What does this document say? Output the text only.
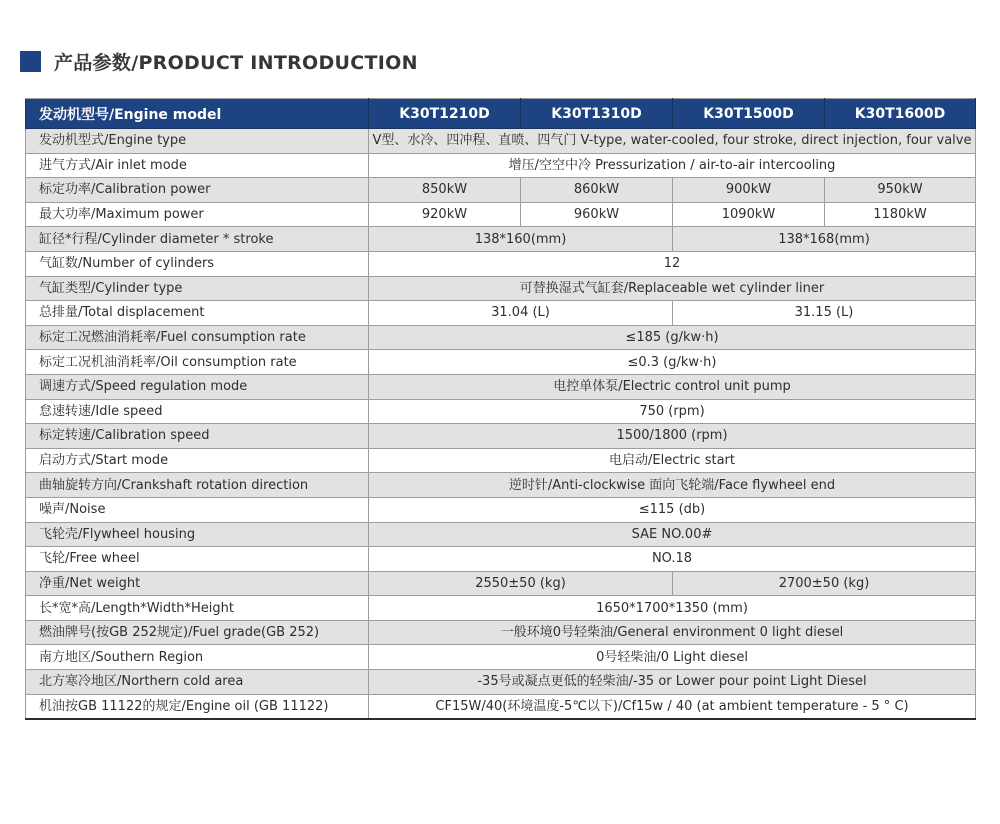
产品参数/PRODUCT INTRODUCTION
发动机型号/Engine model	K30T1210D	K30T1310D	K30T1500D	K30T1600D
发动机型式/Engine type	V型、水冷、四冲程、直喷、四气门 V-type, water-cooled, four stroke, direct injection, four valve			
进气方式/Air inlet mode	增压/空空中冷 Pressurization / air-to-air intercooling			
标定功率/Calibration power	850kW	860kW	900kW	950kW
最大功率/Maximum power	920kW	960kW	1090kW	1180kW
缸径*行程/Cylinder diameter * stroke	138*160(mm)		138*168(mm)	
气缸数/Number of cylinders	12			
气缸类型/Cylinder type	可替换湿式气缸套/Replaceable wet cylinder liner			
总排量/Total displacement	31.04 (L)		31.15 (L)	
标定工况燃油消耗率/Fuel consumption rate	≤185 (g/kw·h)			
标定工况机油消耗率/Oil consumption rate	≤0.3 (g/kw·h)			
调速方式/Speed regulation mode	电控单体泵/Electric control unit pump			
怠速转速/Idle speed	750 (rpm)			
标定转速/Calibration speed	1500/1800 (rpm)			
启动方式/Start mode	电启动/Electric start			
曲轴旋转方向/Crankshaft rotation direction	逆时针/Anti-clockwise 面向飞轮端/Face flywheel end			
噪声/Noise	≤115 (db)			
飞轮壳/Flywheel housing	SAE NO.00#			
飞轮/Free wheel	NO.18			
净重/Net weight	2550±50 (kg)		2700±50 (kg)	
长*宽*高/Length*Width*Height	1650*1700*1350 (mm)			
燃油牌号(按GB 252规定)/Fuel grade(GB 252)	一般环境0号轻柴油/General environment 0 light diesel			
南方地区/Southern Region	0号轻柴油/0 Light diesel			
北方寒冷地区/Northern cold area	-35号或凝点更低的轻柴油/-35 or Lower pour point Light Diesel			
机油按GB 11122的规定/Engine oil (GB 11122)	CF15W/40(环境温度-5℃以下)/Cf15w / 40 (at ambient temperature - 5 ° C)			
